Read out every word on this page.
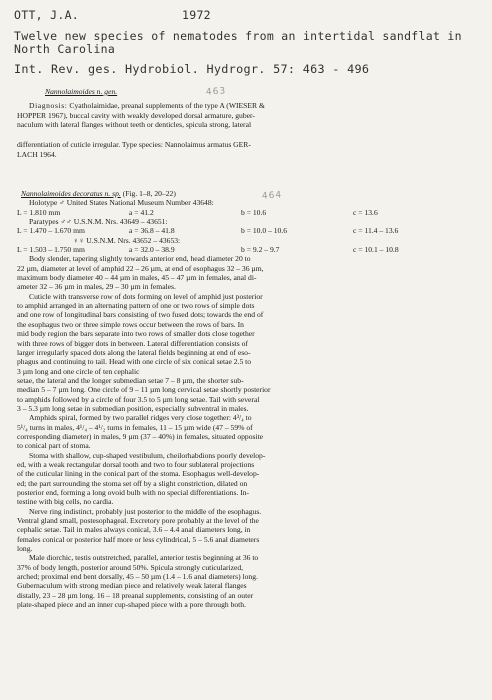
OTT, J.A.	1972
Twelve new species of nematodes from an intertidal sandflat in
North Carolina
Int. Rev. ges. Hydrobiol. Hydrogr. 57: 463 - 496
463
464

Nannolaimoides n. gen.

Diagnosis: Cyatholaimidae, preanal supplements of the type A (WIESER &

HOPPER 1967), buccal cavity with weakly developed dorsal armature, guber-

naculum with lateral flanges without teeth or denticles, spicula strong, lateral

differentiation of cuticle irregular. Type species: Nannolaimus armatus GER-

LACH 1964.

Nannolaimoides decoratus n. sp. (Fig. 1–8, 20–22)

Holotype ♂ United States National Museum Number 43648:

L = 1.810 mm	a = 41.2	b = 10.6	c = 13.6

Paratypes ♂♂ U.S.N.M. Nrs. 43649 – 43651:

L = 1.470 – 1.670 mm	a = 36.8 – 41.8	b = 10.0 – 10.6	c = 11.4 – 13.6

♀♀ U.S.N.M. Nrs. 43652 – 43653:

L = 1.503 – 1.750 mm	a = 32.0 – 38.9	b = 9.2 – 9.7	c = 10.1 – 10.8

Body slender, tapering slightly towards anterior end, head diameter 20 to

22 µm, diameter at level of amphid 22 – 26 µm, at end of esophagus 32 – 36 µm,

maximum body diameter 40 – 44 µm in males, 45 – 47 µm in females, anal di-

ameter 32 – 36 µm in males, 29 – 30 µm in females.

Cuticle with transverse row of dots forming on level of amphid just posterior

to amphid arranged in an alternating pattern of one or two rows of simple dots

and one row of longitudinal bars consisting of two fused dots; towards the end of

the esophagus two or three simple rows occur between the rows of bars. In

mid body region the bars separate into two rows of smaller dots close together

with three rows of bigger dots in between. Lateral differentiation consists of

larger irregularly spaced dots along the lateral fields beginning at end of eso-

phagus and continuing to tail. Head with one circle of six conical setae 2.5 to

3 µm long and one circle of ten cephalic

setae, the lateral and the longer submedian setae 7 – 8 µm, the shorter sub-

median 5 – 7 µm long. One circle of 9 – 11 µm long cervical setae shortly posterior

to amphids followed by a circle of four 3.5 to 5 µm long setae. Tail with several

3 – 5.3 µm long setae in submedian position, especially subventral in males.

Amphids spiral, formed by two parallel ridges very close together: 4³/₄ to

5¹/₄ turns in males, 4¹/₄ – 4¹/₂ turns in females, 11 – 15 µm wide (47 – 59% of

corresponding diameter) in males, 9 µm (37 – 40%) in females, situated opposite

to conical part of stoma.

Stoma with shallow, cup-shaped vestibulum, cheilorhabdions poorly develop-

ed, with a weak rectangular dorsal tooth and two to four sublateral projections

of the cuticular lining in the conical part of the stoma. Esophagus well-develop-

ed; the part surrounding the stoma set off by a slight constriction, dilated on

posterior end, forming a long ovoid bulb with no special differentiations. In-

testine with big cells, no cardia.

Nerve ring indistinct, probably just posterior to the middle of the esophagus.

Ventral gland small, postesophageal. Excretory pore probably at the level of the

cephalic setae. Tail in males always conical, 3.6 – 4.4 anal diameters long, in

females conical or posterior half more or less cylindrical, 5 – 5.6 anal diameters

long.

Male diorchic, testis outstretched, parallel, anterior testis beginning at 36 to

37% of body length, posterior around 50%. Spicula strongly cuticularized,

arched; proximal end bent dorsally, 45 – 50 µm (1.4 – 1.6 anal diameters) long.

Gubernaculum with strong median piece and relatively weak lateral flanges

distally, 23 – 28 µm long. 16 – 18 preanal supplements, consisting of an outer

plate-shaped piece and an inner cup-shaped piece with a pore through both.
